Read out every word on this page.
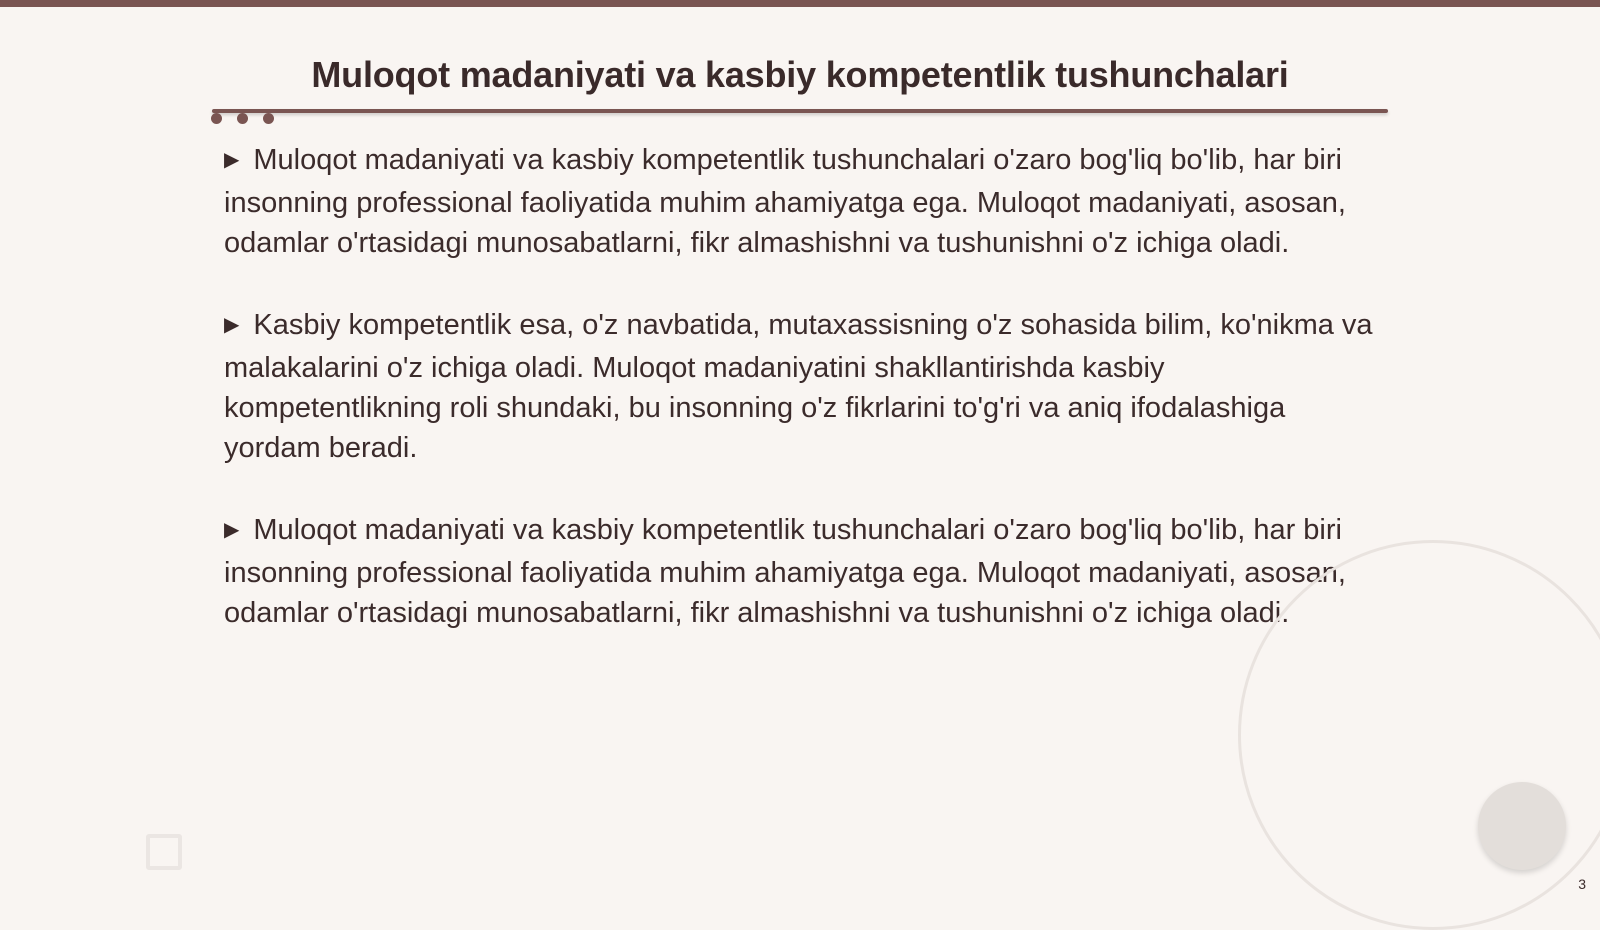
Muloqot madaniyati va kasbiy kompetentlik tushunchalari

▶ Muloqot madaniyati va kasbiy kompetentlik tushunchalari o'zaro bog'liq bo'lib, har biri insonning professional faoliyatida muhim ahamiyatga ega. Muloqot madaniyati, asosan, odamlar o'rtasidagi munosabatlarni, fikr almashishni va tushunishni o'z ichiga oladi.

▶ Kasbiy kompetentlik esa, o'z navbatida, mutaxassisning o'z sohasida bilim, ko'nikma va malakalarini o'z ichiga oladi. Muloqot madaniyatini shakllantirishda kasbiy kompetentlikning roli shundaki, bu insonning o'z fikrlarini to'g'ri va aniq ifodalashiga yordam beradi.

▶ Muloqot madaniyati va kasbiy kompetentlik tushunchalari o'zaro bog'liq bo'lib, har biri insonning professional faoliyatida muhim ahamiyatga ega. Muloqot madaniyati, asosan, odamlar o'rtasidagi munosabatlarni, fikr almashishni va tushunishni o'z ichiga oladi.

3
